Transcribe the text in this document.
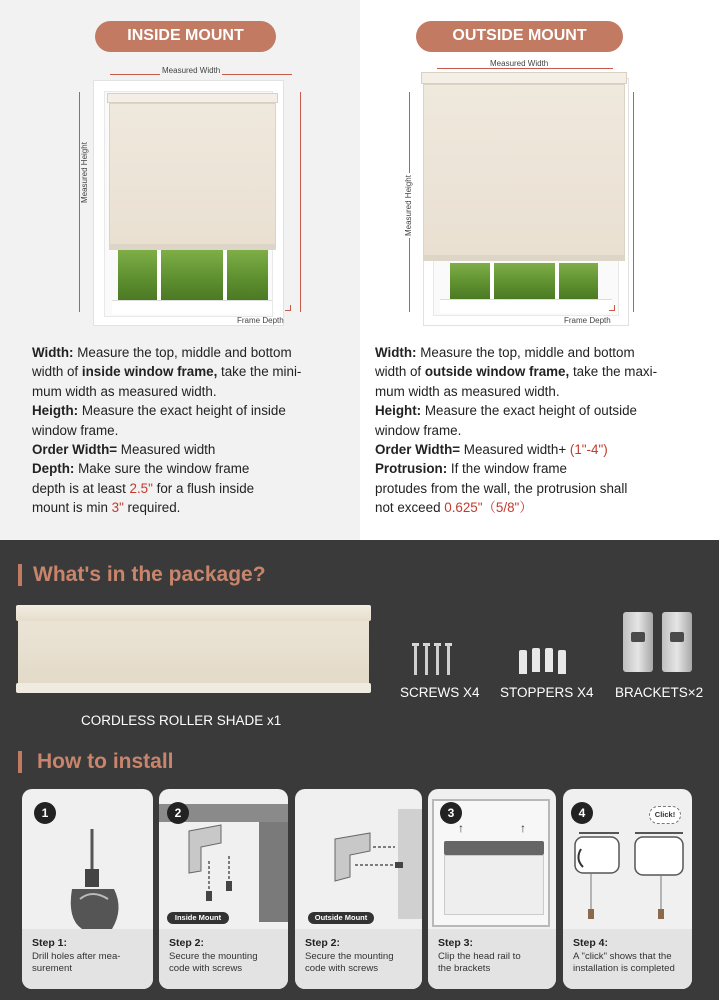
INSIDE MOUNT
Measured Width
Measured Height
Frame Depth
Width: Measure the top, middle and bottom
width of inside window frame, take the mini-
mum width as measured width.
Heigth: Measure the exact height of inside
window frame.
Order Width= Measured width
Depth: Make sure the window frame
depth is at least 2.5" for a flush inside
mount is min 3" required.
OUTSIDE MOUNT
Measured Width
Measured Height
Frame Depth
Width: Measure the top, middle and bottom
width of outside window frame, take the maxi-
mum width as measured width.
Height: Measure the exact height of outside
window frame.
Order Width= Measured width+ (1"-4")
Protrusion: If the window frame
protudes from the wall, the protrusion shall
not exceed 0.625"（5/8"）
What's in the package?
CORDLESS ROLLER SHADE x1
SCREWS X4 STOPPERS X4 BRACKETS×2
How to install
1
Step 1:
Drill holes after mea-
surement
2
Inside Mount
Step 2:
Secure the mounting
code with screws
Outside Mount
Step 2:
Secure the mounting
code with screws
3
↑	↑
Step 3:
Clip the head rail to
the brackets
4	Click!
Step 4:
A "click" shows that the
installation is completed
